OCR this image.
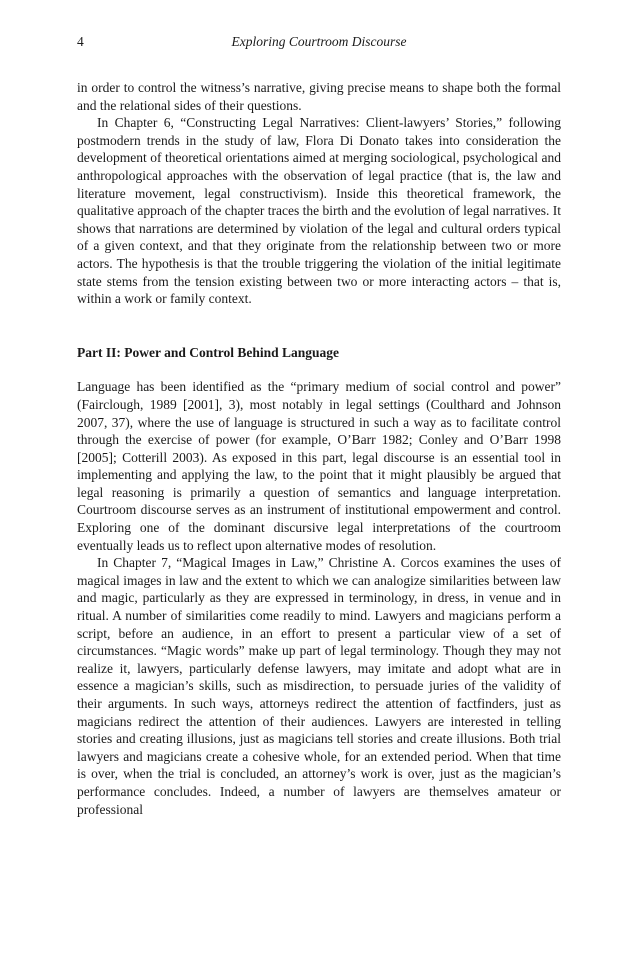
4	Exploring Courtroom Discourse

in order to control the witness’s narrative, giving precise means to shape both the formal and the relational sides of their questions.

In Chapter 6, “Constructing Legal Narratives: Client-lawyers’ Stories,” following postmodern trends in the study of law, Flora Di Donato takes into consideration the development of theoretical orientations aimed at merging sociological, psychological and anthropological approaches with the observation of legal practice (that is, the law and literature movement, legal constructivism). Inside this theoretical framework, the qualitative approach of the chapter traces the birth and the evolution of legal narratives. It shows that narrations are determined by violation of the legal and cultural orders typical of a given context, and that they originate from the relationship between two or more actors. The hypothesis is that the trouble triggering the violation of the initial legitimate state stems from the tension existing between two or more interacting actors – that is, within a work or family context.

Part II: Power and Control Behind Language

Language has been identified as the “primary medium of social control and power” (Fairclough, 1989 [2001], 3), most notably in legal settings (Coulthard and Johnson 2007, 37), where the use of language is structured in such a way as to facilitate control through the exercise of power (for example, O’Barr 1982; Conley and O’Barr 1998 [2005]; Cotterill 2003). As exposed in this part, legal discourse is an essential tool in implementing and applying the law, to the point that it might plausibly be argued that legal reasoning is primarily a question of semantics and language interpretation. Courtroom discourse serves as an instrument of institutional empowerment and control. Exploring one of the dominant discursive legal interpretations of the courtroom eventually leads us to reflect upon alternative modes of resolution.

In Chapter 7, “Magical Images in Law,” Christine A. Corcos examines the uses of magical images in law and the extent to which we can analogize similarities between law and magic, particularly as they are expressed in terminology, in dress, in venue and in ritual. A number of similarities come readily to mind. Lawyers and magicians perform a script, before an audience, in an effort to present a particular view of a set of circumstances. “Magic words” make up part of legal terminology. Though they may not realize it, lawyers, particularly defense lawyers, may imitate and adopt what are in essence a magician’s skills, such as misdirection, to persuade juries of the validity of their arguments. In such ways, attorneys redirect the attention of factfinders, just as magicians redirect the attention of their audiences. Lawyers are interested in telling stories and creating illusions, just as magicians tell stories and create illusions. Both trial lawyers and magicians create a cohesive whole, for an extended period. When that time is over, when the trial is concluded, an attorney’s work is over, just as the magician’s performance concludes. Indeed, a number of lawyers are themselves amateur or professional
